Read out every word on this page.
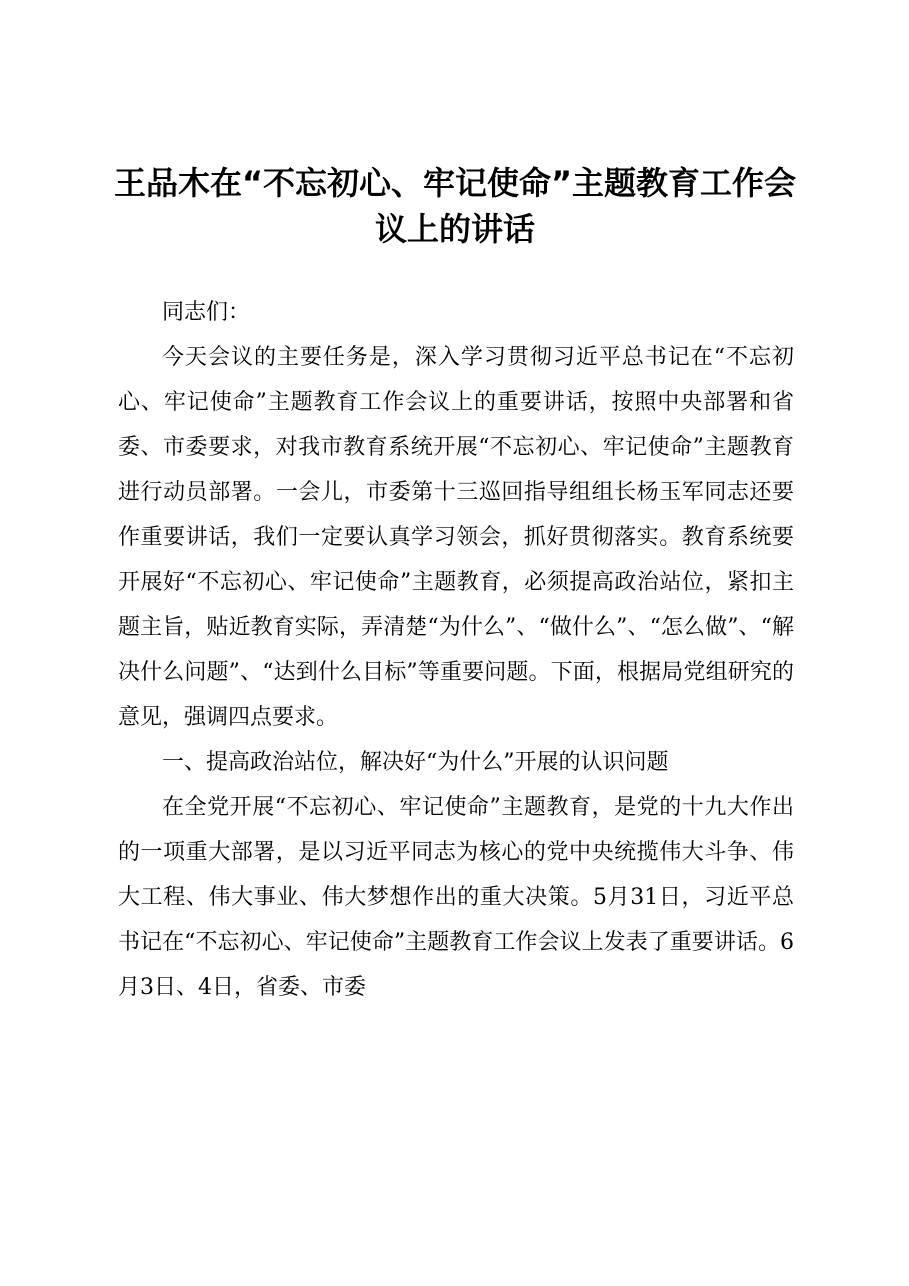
王品木在“不忘初心、牢记使命”主题教育工作会议上的讲话

同志们：

今天会议的主要任务是，深入学习贯彻习近平总书记在“不忘初心、牢记使命”主题教育工作会议上的重要讲话，按照中央部署和省委、市委要求，对我市教育系统开展“不忘初心、牢记使命”主题教育进行动员部署。一会儿，市委第十三巡回指导组组长杨玉军同志还要作重要讲话，我们一定要认真学习领会，抓好贯彻落实。教育系统要开展好“不忘初心、牢记使命”主题教育，必须提高政治站位，紧扣主题主旨，贴近教育实际，弄清楚“为什么”、“做什么”、“怎么做”、“解决什么问题”、“达到什么目标”等重要问题。下面，根据局党组研究的意见，强调四点要求。

一、提高政治站位，解决好“为什么”开展的认识问题

在全党开展“不忘初心、牢记使命”主题教育，是党的十九大作出的一项重大部署，是以习近平同志为核心的党中央统揽伟大斗争、伟大工程、伟大事业、伟大梦想作出的重大决策。5月31日，习近平总书记在“不忘初心、牢记使命”主题教育工作会议上发表了重要讲话。6月3日、4日，省委、市委
